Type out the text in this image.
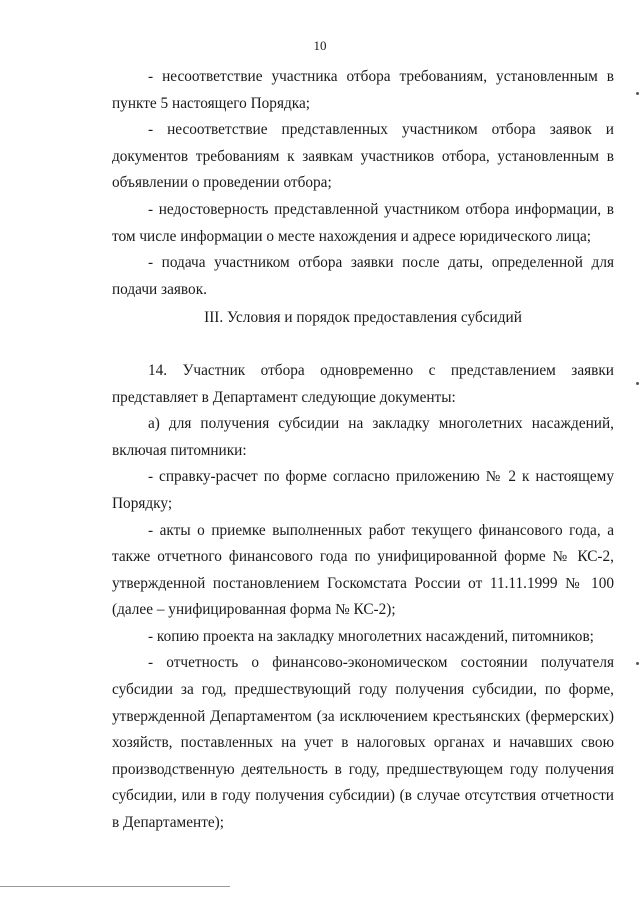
10

- несоответствие участника отбора требованиям, установленным в пункте 5 настоящего Порядка;

- несоответствие представленных участником отбора заявок и документов требованиям к заявкам участников отбора, установленным в объявлении о проведении отбора;

- недостоверность представленной участником отбора информации, в том числе информации о месте нахождения и адресе юридического лица;

- подача участником отбора заявки после даты, определенной для подачи заявок.

III. Условия и порядок предоставления субсидий

14. Участник отбора одновременно с представлением заявки представляет в Департамент следующие документы:

а) для получения субсидии на закладку многолетних насаждений, включая питомники:

- справку-расчет по форме согласно приложению № 2 к настоящему Порядку;

- акты о приемке выполненных работ текущего финансового года, а также отчетного финансового года по унифицированной форме № КС-2, утвержденной постановлением Госкомстата России от 11.11.1999 № 100 (далее – унифицированная форма № КС-2);

- копию проекта на закладку многолетних насаждений, питомников;

- отчетность о финансово-экономическом состоянии получателя субсидии за год, предшествующий году получения субсидии, по форме, утвержденной Департаментом (за исключением крестьянских (фермерских) хозяйств, поставленных на учет в налоговых органах и начавших свою производственную деятельность в году, предшествующем году получения субсидии, или в году получения субсидии) (в случае отсутствия отчетности в Департаменте);
